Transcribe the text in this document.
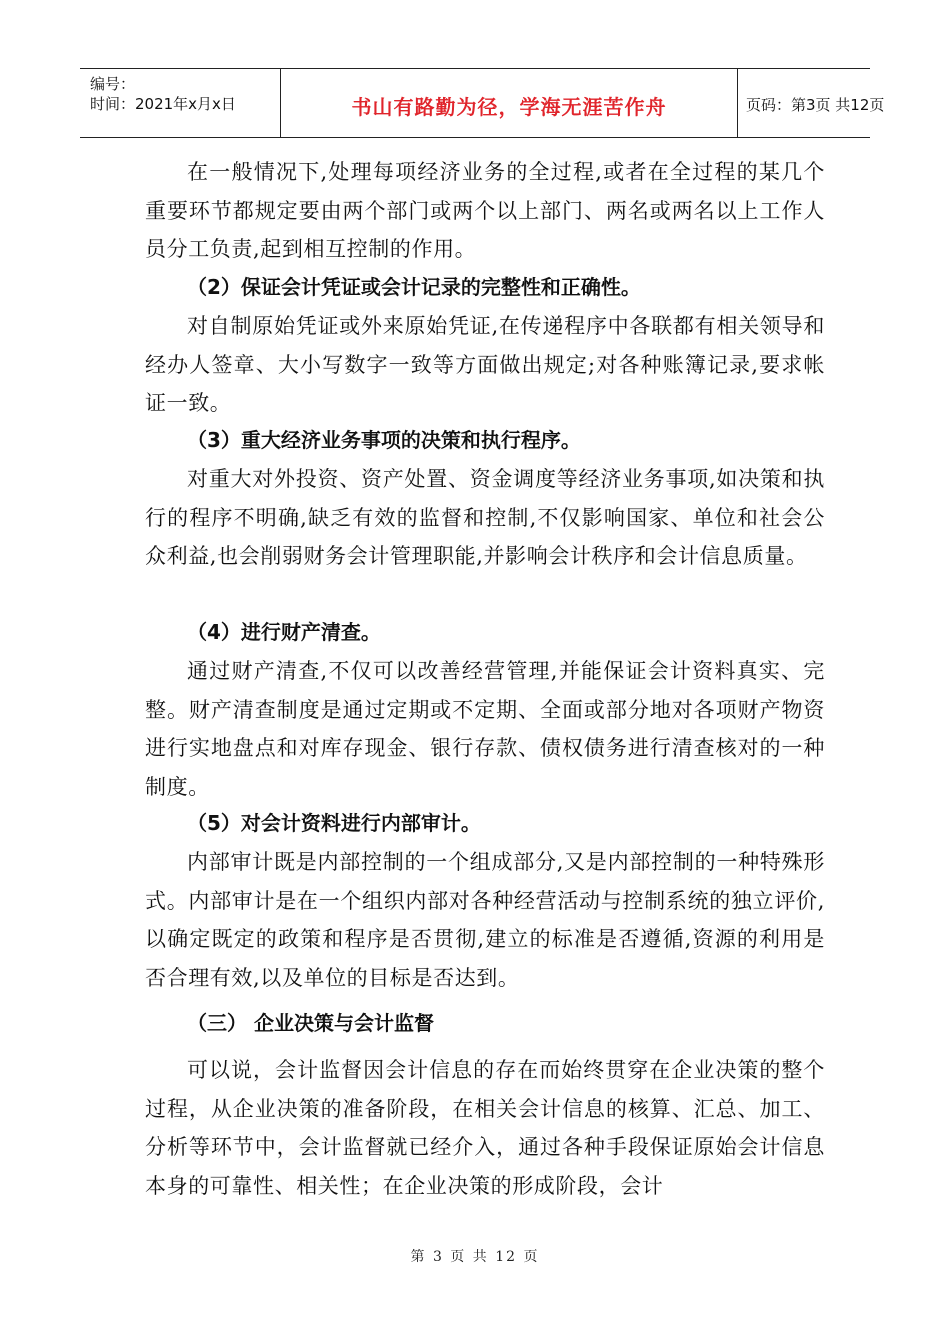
编号：
时间：2021年x月x日	书山有路勤为径，学海无涯苦作舟	页码：第3页 共12页

在一般情况下,处理每项经济业务的全过程,或者在全过程的某几个重要环节都规定要由两个部门或两个以上部门、两名或两名以上工作人员分工负责,起到相互控制的作用。

（2）保证会计凭证或会计记录的完整性和正确性。

对自制原始凭证或外来原始凭证,在传递程序中各联都有相关领导和经办人签章、大小写数字一致等方面做出规定;对各种账簿记录,要求帐证一致。

（3）重大经济业务事项的决策和执行程序。

对重大对外投资、资产处置、资金调度等经济业务事项,如决策和执行的程序不明确,缺乏有效的监督和控制,不仅影响国家、单位和社会公众利益,也会削弱财务会计管理职能,并影响会计秩序和会计信息质量。

（4）进行财产清查。

通过财产清查,不仅可以改善经营管理,并能保证会计资料真实、完整。财产清查制度是通过定期或不定期、全面或部分地对各项财产物资进行实地盘点和对库存现金、银行存款、债权债务进行清查核对的一种制度。

（5）对会计资料进行内部审计。

内部审计既是内部控制的一个组成部分,又是内部控制的一种特殊形式。内部审计是在一个组织内部对各种经营活动与控制系统的独立评价,以确定既定的政策和程序是否贯彻,建立的标准是否遵循,资源的利用是否合理有效,以及单位的目标是否达到。

（三） 企业决策与会计监督

可以说，会计监督因会计信息的存在而始终贯穿在企业决策的整个过程，从企业决策的准备阶段，在相关会计信息的核算、汇总、加工、分析等环节中，会计监督就已经介入，通过各种手段保证原始会计信息本身的可靠性、相关性；在企业决策的形成阶段，会计

第 3 页 共 12 页
